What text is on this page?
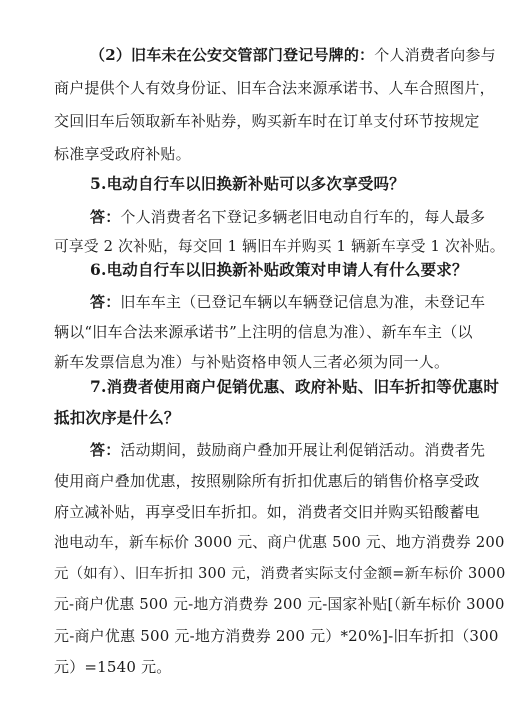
（2）旧车未在公安交管部门登记号牌的：个人消费者向参与
商户提供个人有效身份证、旧车合法来源承诺书、人车合照图片，
交回旧车后领取新车补贴券，购买新车时在订单支付环节按规定
标准享受政府补贴。
5.电动自行车以旧换新补贴可以多次享受吗？
答：个人消费者名下登记多辆老旧电动自行车的，每人最多
可享受 2 次补贴，每交回 1 辆旧车并购买 1 辆新车享受 1 次补贴。
6.电动自行车以旧换新补贴政策对申请人有什么要求？
答：旧车车主（已登记车辆以车辆登记信息为准，未登记车
辆以“旧车合法来源承诺书”上注明的信息为准）、新车车主（以
新车发票信息为准）与补贴资格申领人三者必须为同一人。
7.消费者使用商户促销优惠、政府补贴、旧车折扣等优惠时
抵扣次序是什么？
答：活动期间，鼓励商户叠加开展让利促销活动。消费者先
使用商户叠加优惠，按照剔除所有折扣优惠后的销售价格享受政
府立减补贴，再享受旧车折扣。如，消费者交旧并购买铅酸蓄电
池电动车，新车标价 3000 元、商户优惠 500 元、地方消费券 200
元（如有）、旧车折扣 300 元，消费者实际支付金额=新车标价 3000
元-商户优惠 500 元-地方消费券 200 元-国家补贴[（新车标价 3000
元-商户优惠 500 元-地方消费券 200 元）*20%]-旧车折扣（300
元）=1540 元。
